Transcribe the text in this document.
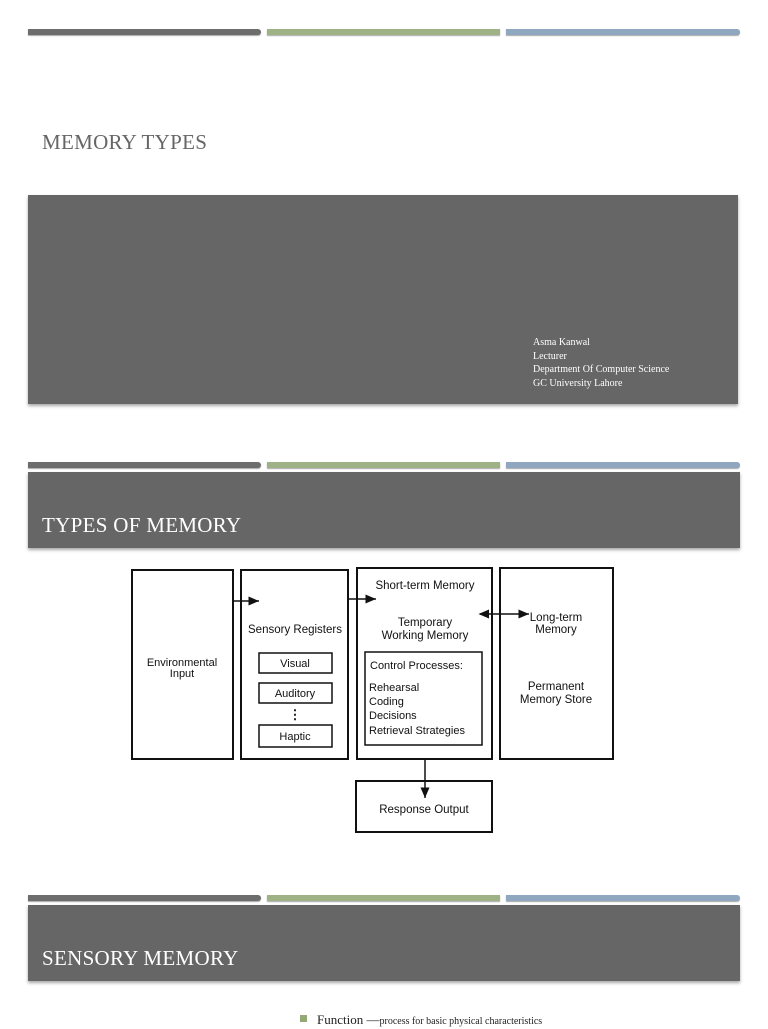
MEMORY TYPES
Asma Kanwal
Lecturer
Department Of Computer Science
GC University Lahore
TYPES OF MEMORY
Environmental
Input
Sensory Registers
Visual
Auditory
⋮
Haptic
Short-term Memory
Temporary
Working Memory
Control Processes:
Rehearsal
Coding
Decisions
Retrieval Strategies
Long-term
Memory
Permanent
Memory Store
Response Output
SENSORY MEMORY
Function —process for basic physical characteristics
